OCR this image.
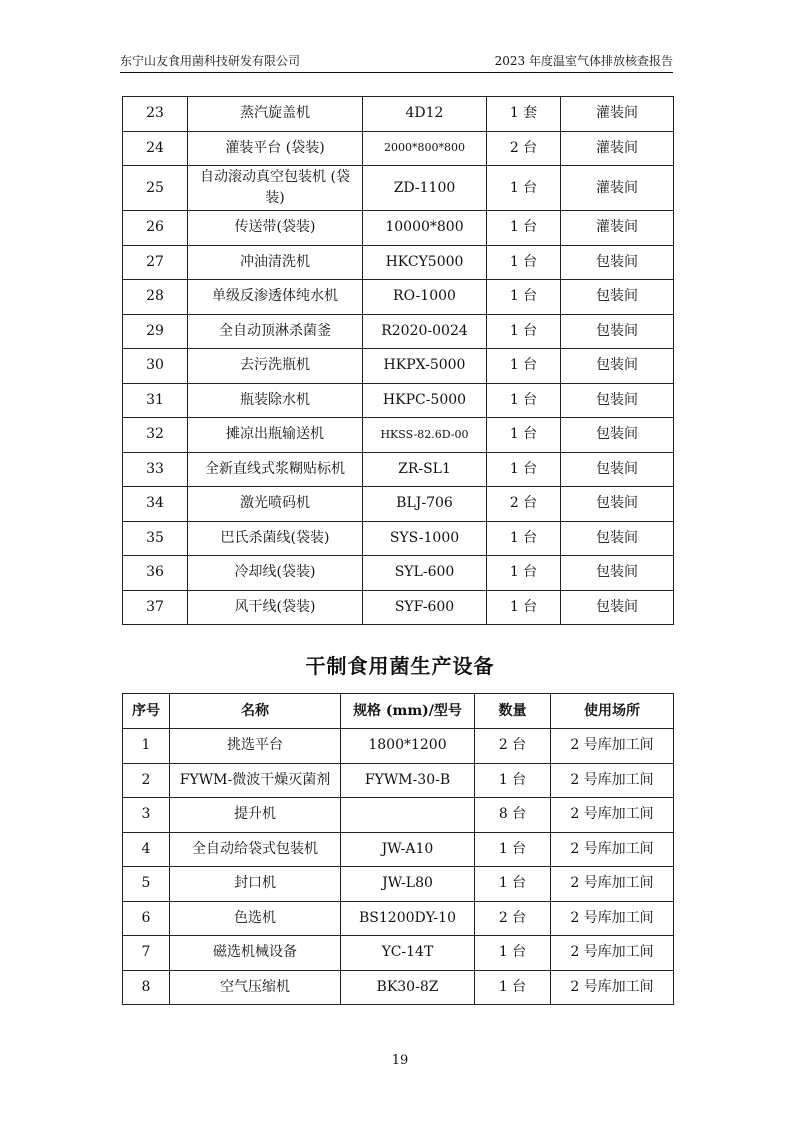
东宁山友食用菌科技研发有限公司	2023 年度温室气体排放核查报告
23	蒸汽旋盖机	4D12	1 套	灌装间
24	灌装平台 (袋装)	2000*800*800	2 台	灌装间
25	自动滚动真空包装机 (袋 装)	ZD-1100	1 台	灌装间
26	传送带(袋装)	10000*800	1 台	灌装间
27	冲油清洗机	HKCY5000	1 台	包装间
28	单级反渗透体纯水机	RO-1000	1 台	包装间
29	全自动顶淋杀菌釜	R2020-0024	1 台	包装间
30	去污洗瓶机	HKPX-5000	1 台	包装间
31	瓶装除水机	HKPC-5000	1 台	包装间
32	摊凉出瓶输送机	HKSS-82.6D-00	1 台	包装间
33	全新直线式浆糊贴标机	ZR-SL1	1 台	包装间
34	激光喷码机	BLJ-706	2 台	包装间
35	巴氏杀菌线(袋装)	SYS-1000	1 台	包装间
36	冷却线(袋装)	SYL-600	1 台	包装间
37	风干线(袋装)	SYF-600	1 台	包装间
干制食用菌生产设备
序号	名称	规格 (mm)/型号	数量	使用场所
1	挑选平台	1800*1200	2 台	2 号库加工间
2	FYWM-微波干燥灭菌剂	FYWM-30-B	1 台	2 号库加工间
3	提升机		8 台	2 号库加工间
4	全自动给袋式包装机	JW-A10	1 台	2 号库加工间
5	封口机	JW-L80	1 台	2 号库加工间
6	色选机	BS1200DY-10	2 台	2 号库加工间
7	磁选机械设备	YC-14T	1 台	2 号库加工间
8	空气压缩机	BK30-8Z	1 台	2 号库加工间
19
